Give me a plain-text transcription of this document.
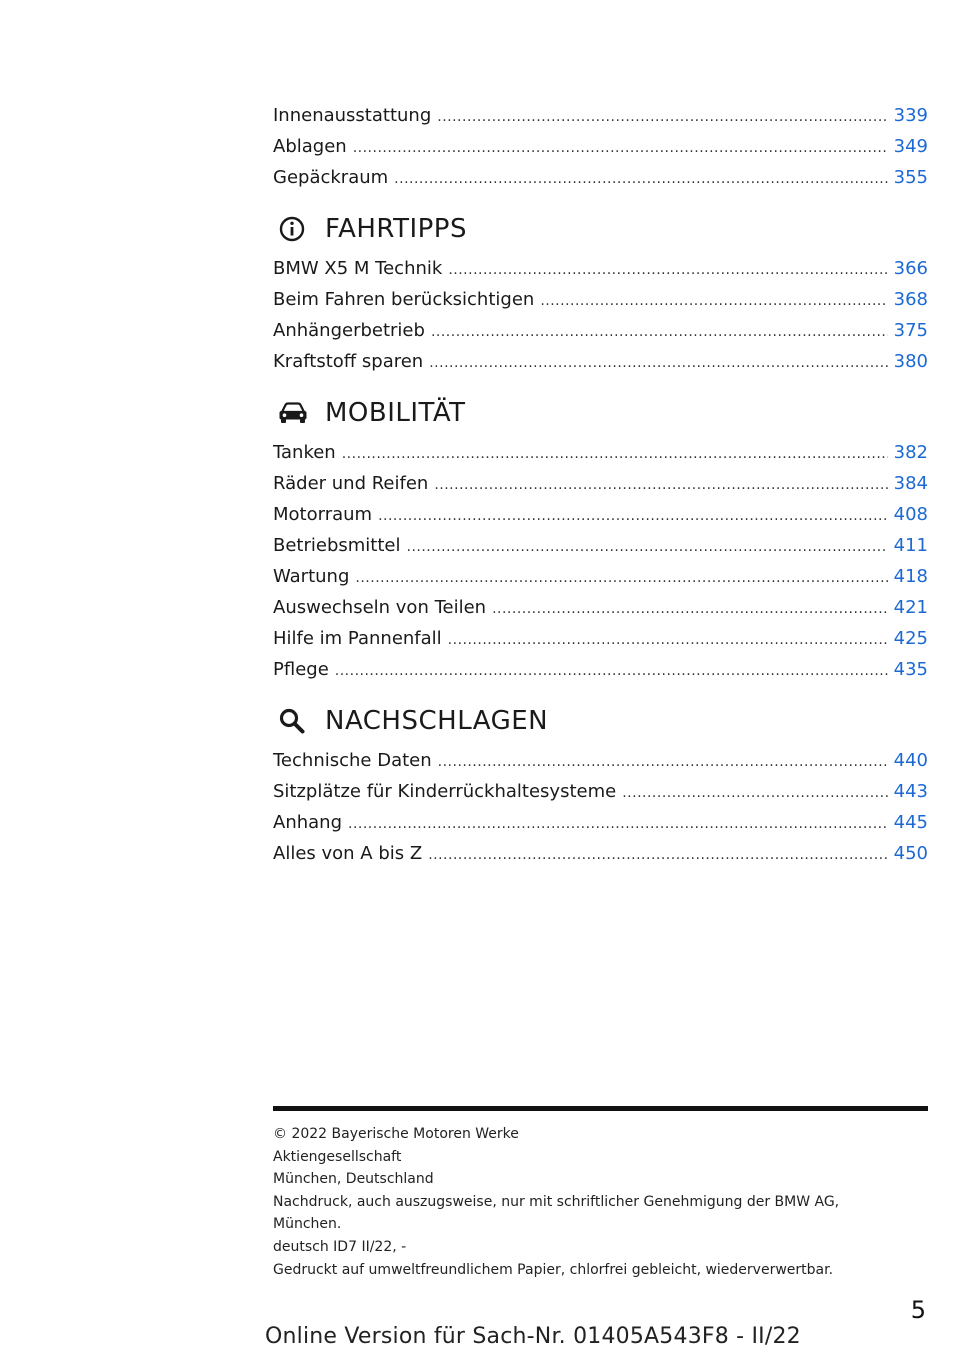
Innenausstattung .....	339
Ablagen .....	349
Gepäckraum .....	355
FAHRTIPPS
BMW X5 M Technik .....	366
Beim Fahren berücksichtigen .....	368
Anhängerbetrieb .....	375
Kraftstoff sparen .....	380
MOBILITÄT
Tanken .....	382
Räder und Reifen .....	384
Motorraum .....	408
Betriebsmittel .....	411
Wartung .....	418
Auswechseln von Teilen .....	421
Hilfe im Pannenfall .....	425
Pflege .....	435
NACHSCHLAGEN
Technische Daten .....	440
Sitzplätze für Kinderrückhaltesysteme .....	443
Anhang .....	445
Alles von A bis Z .....	450
© 2022 Bayerische Motoren Werke
Aktiengesellschaft
München, Deutschland
Nachdruck, auch auszugsweise, nur mit schriftlicher Genehmigung der BMW AG,
München.
deutsch ID7 II/22, -
Gedruckt auf umweltfreundlichem Papier, chlorfrei gebleicht, wiederverwertbar.
5
Online Version für Sach-Nr. 01405A543F8 - II/22
